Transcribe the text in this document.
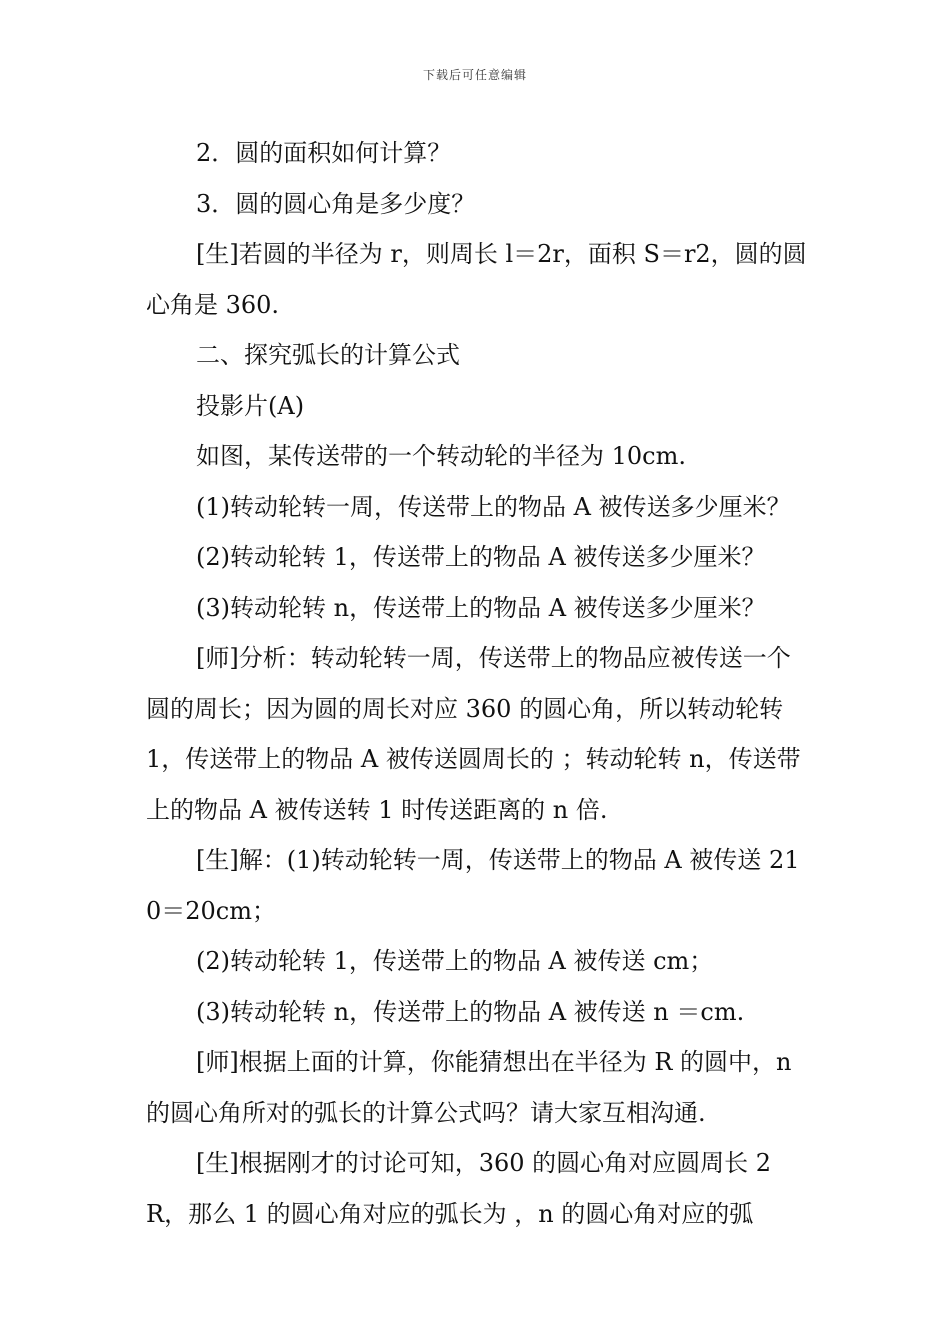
下载后可任意编辑

2．圆的面积如何计算？

3．圆的圆心角是多少度？

[生]若圆的半径为 r，则周长 l＝2r，面积 S＝r2，圆的圆心角是 360.

二、探究弧长的计算公式

投影片(A)

如图，某传送带的一个转动轮的半径为 10cm.

(1)转动轮转一周，传送带上的物品 A 被传送多少厘米？

(2)转动轮转 1，传送带上的物品 A 被传送多少厘米？

(3)转动轮转 n，传送带上的物品 A 被传送多少厘米？

[师]分析：转动轮转一周，传送带上的物品应被传送一个圆的周长；因为圆的周长对应 360 的圆心角，所以转动轮转 1，传送带上的物品 A 被传送圆周长的 ；转动轮转 n，传送带上的物品 A 被传送转 1 时传送距离的 n 倍.

[生]解：(1)转动轮转一周，传送带上的物品 A 被传送 210＝20cm；

(2)转动轮转 1，传送带上的物品 A 被传送 cm；

(3)转动轮转 n，传送带上的物品 A 被传送 n ＝cm.

[师]根据上面的计算，你能猜想出在半径为 R 的圆中，n 的圆心角所对的弧长的计算公式吗？请大家互相沟通.

[生]根据刚才的讨论可知，360 的圆心角对应圆周长 2R，那么 1 的圆心角对应的弧长为 ，n 的圆心角对应的弧
